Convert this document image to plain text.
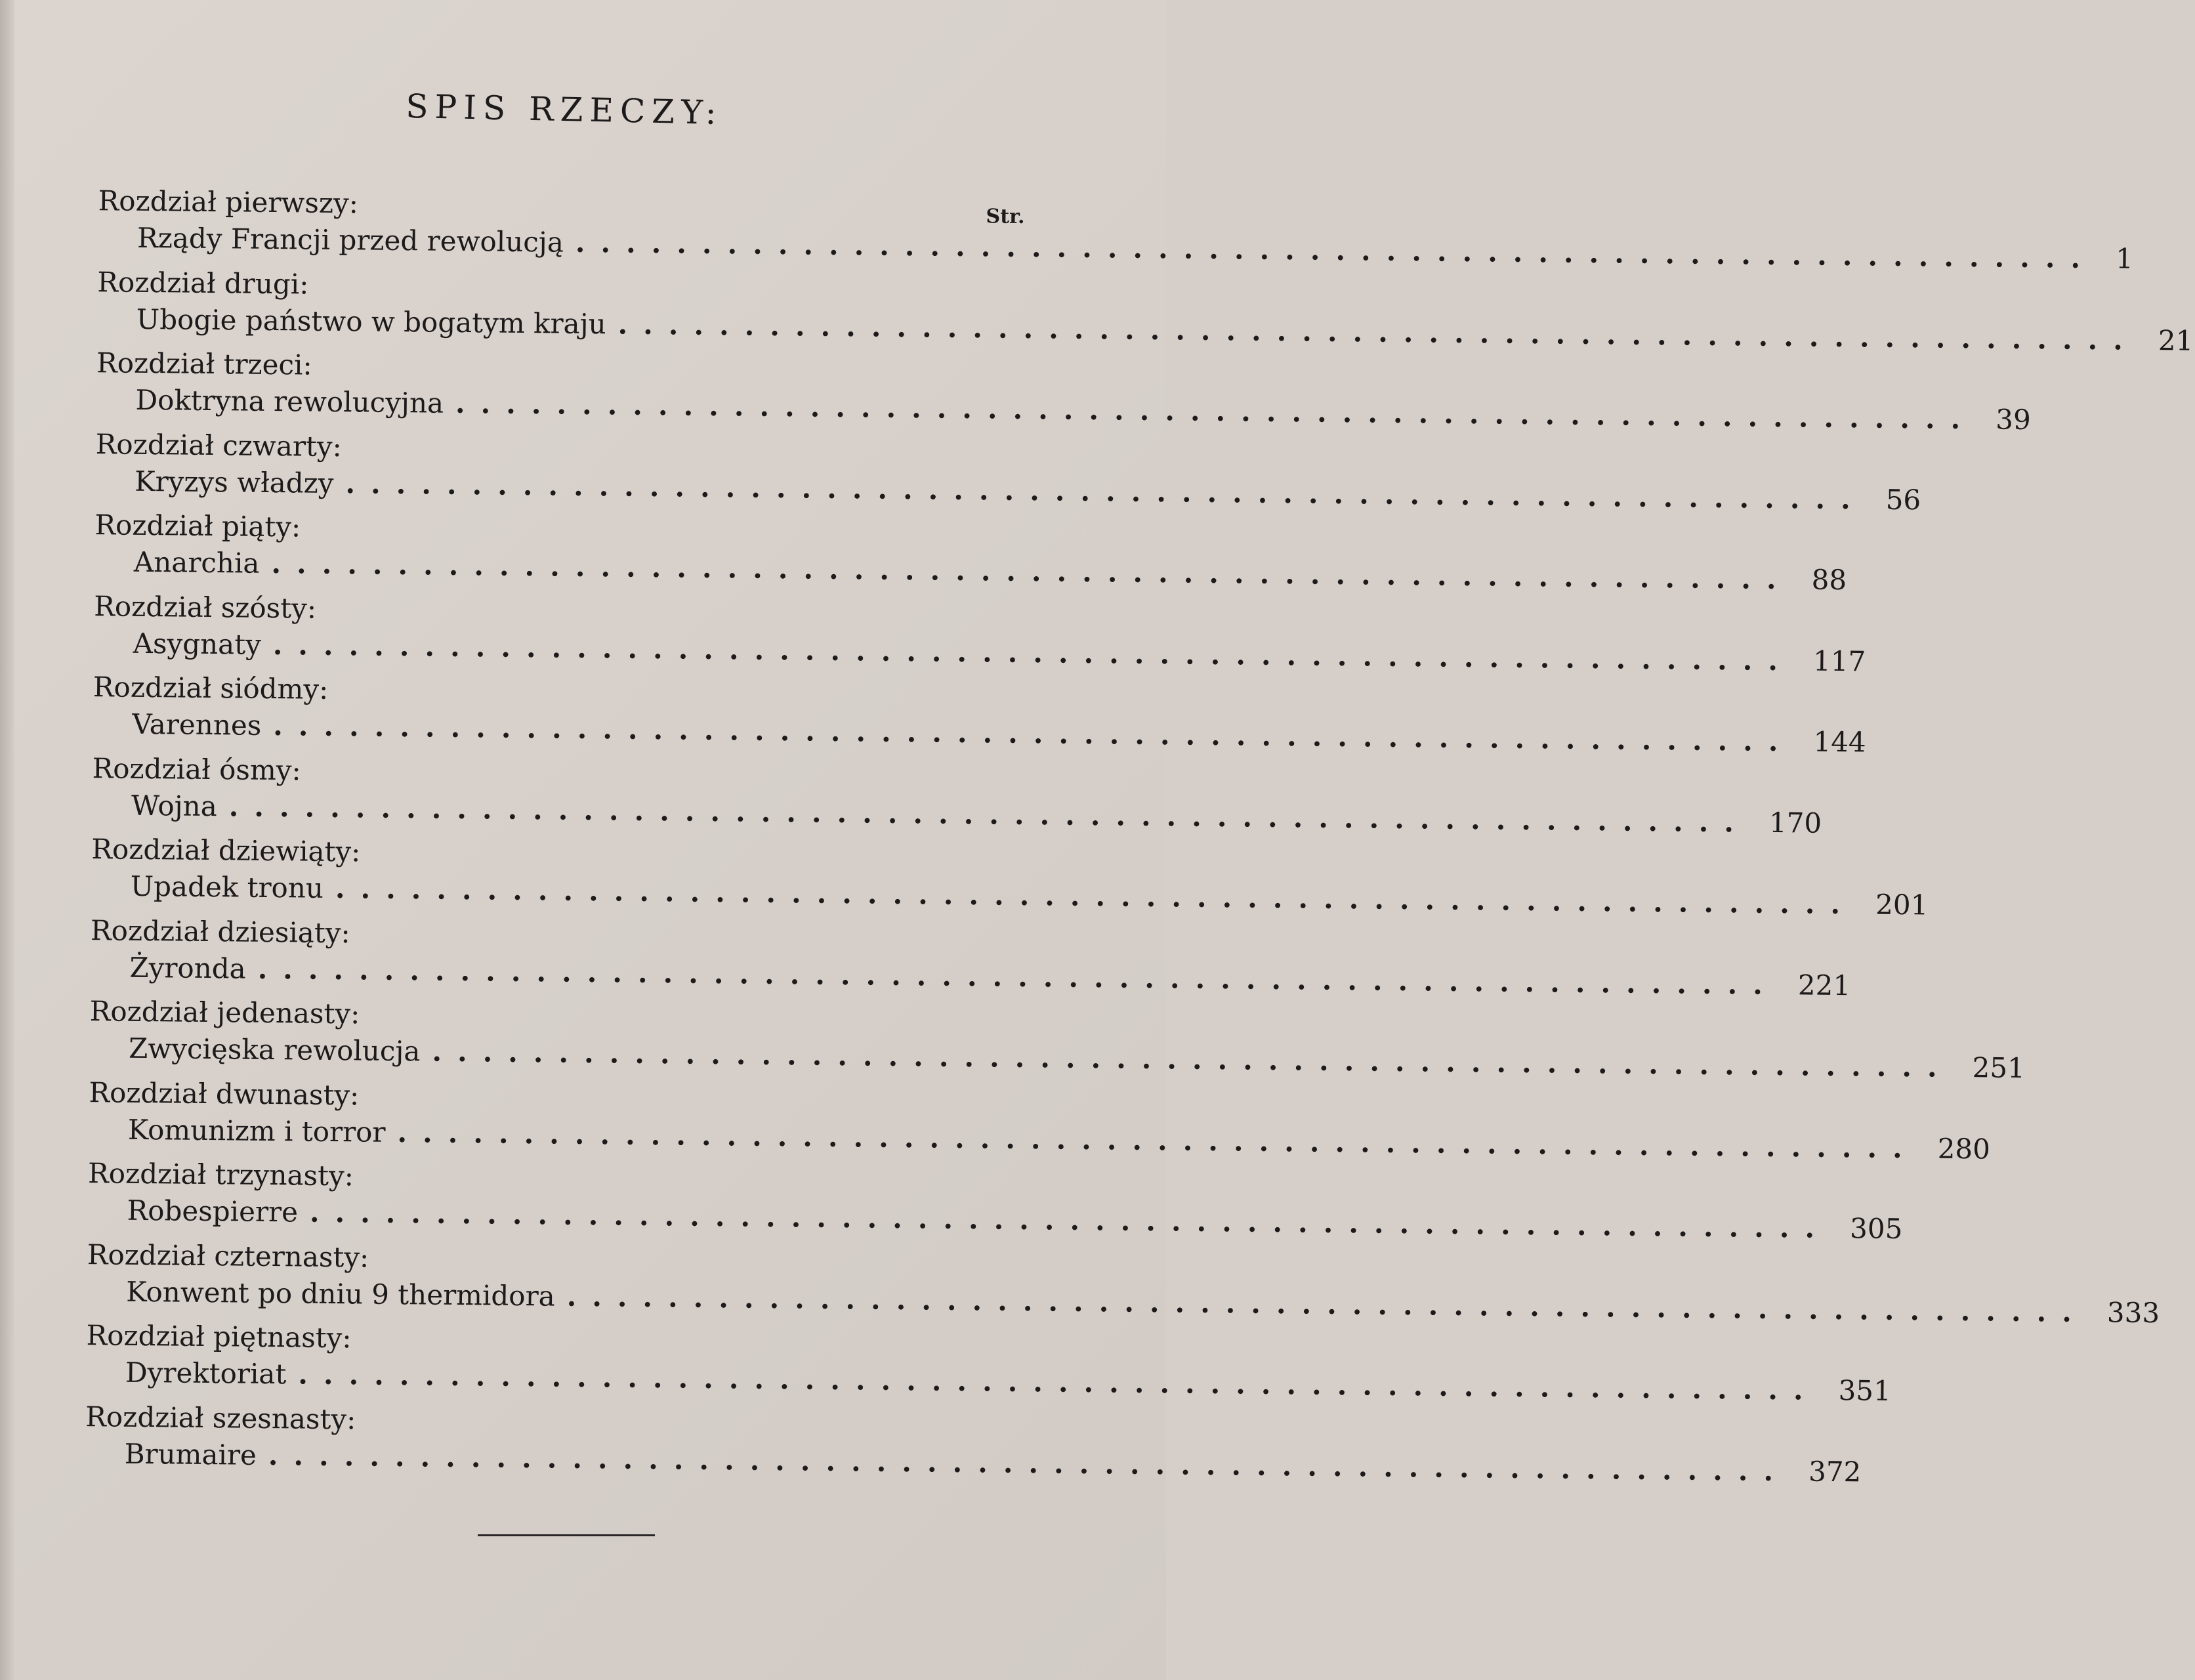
SPIS RZECZY:
Str.
Rozdział pierwszy:
Rządy Francji przed rewolucją ............................................................ 1
Rozdział drugi:
Ubogie państwo w bogatym kraju ............................................................ 21
Rozdział trzeci:
Doktryna rewolucyjna ............................................................ 39
Rozdział czwarty:
Kryzys władzy ............................................................ 56
Rozdział piąty:
Anarchia ............................................................ 88
Rozdział szósty:
Asygnaty ............................................................ 117
Rozdział siódmy:
Varennes ............................................................ 144
Rozdział ósmy:
Wojna ............................................................ 170
Rozdział dziewiąty:
Upadek tronu ............................................................ 201
Rozdział dziesiąty:
Żyronda ............................................................ 221
Rozdział jedenasty:
Zwycięska rewolucja ............................................................ 251
Rozdział dwunasty:
Komunizm i torror ............................................................ 280
Rozdział trzynasty:
Robespierre ............................................................ 305
Rozdział czternasty:
Konwent po dniu 9 thermidora ............................................................ 333
Rozdział piętnasty:
Dyrektoriat ............................................................ 351
Rozdział szesnasty:
Brumaire ............................................................ 372
